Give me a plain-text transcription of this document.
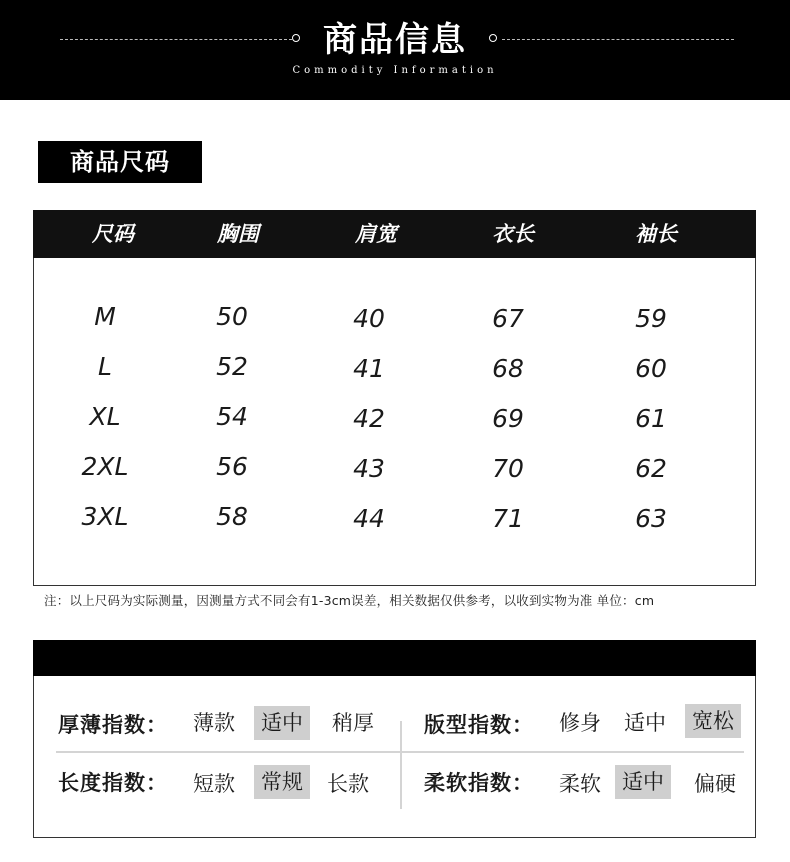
商品信息
Commodity Information
商品尺码
尺码	胸围	肩宽	衣长	袖长
M	50	40	67	59
L	52	41	68	60
XL	54	42	69	61
2XL	56	43	70	62
3XL	58	44	71	63
注：以上尺码为实际测量，因测量方式不同会有1-3cm误差，相关数据仅供参考，以收到实物为准 单位：cm
厚薄指数：	薄款	适中	稍厚	版型指数：	修身	适中	宽松
长度指数：	短款	常规	长款	柔软指数：	柔软	适中	偏硬
